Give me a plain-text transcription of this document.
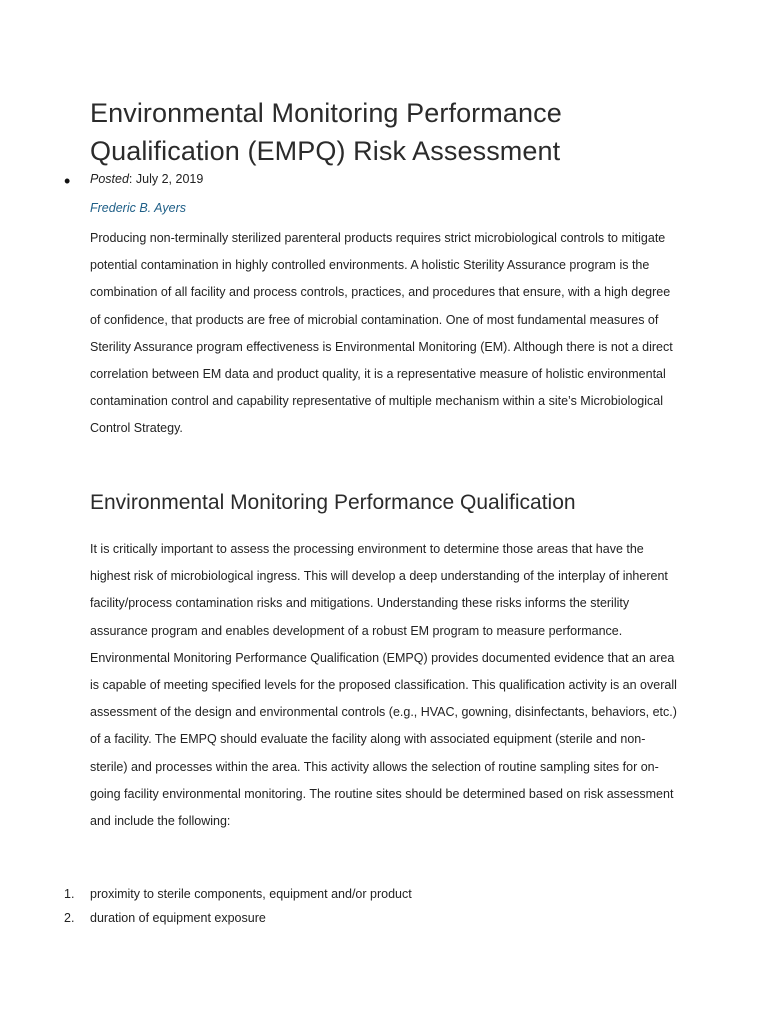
Environmental Monitoring Performance Qualification (EMPQ) Risk Assessment
• Posted: July 2, 2019
Frederic B. Ayers

Producing non-terminally sterilized parenteral products requires strict microbiological controls to mitigate potential contamination in highly controlled environments. A holistic Sterility Assurance program is the combination of all facility and process controls, practices, and procedures that ensure, with a high degree of confidence, that products are free of microbial contamination. One of most fundamental measures of Sterility Assurance program effectiveness is Environmental Monitoring (EM). Although there is not a direct correlation between EM data and product quality, it is a representative measure of holistic environmental contamination control and capability representative of multiple mechanism within a site’s Microbiological Control Strategy.

Environmental Monitoring Performance Qualification

It is critically important to assess the processing environment to determine those areas that have the highest risk of microbiological ingress. This will develop a deep understanding of the interplay of inherent facility/process contamination risks and mitigations. Understanding these risks informs the sterility assurance program and enables development of a robust EM program to measure performance. Environmental Monitoring Performance Qualification (EMPQ) provides documented evidence that an area is capable of meeting specified levels for the proposed classification. This qualification activity is an overall assessment of the design and environmental controls (e.g., HVAC, gowning, disinfectants, behaviors, etc.) of a facility. The EMPQ should evaluate the facility along with associated equipment (sterile and non-sterile) and processes within the area. This activity allows the selection of routine sampling sites for on-going facility environmental monitoring. The routine sites should be determined based on risk assessment and include the following:

1.	proximity to sterile components, equipment and/or product
2.	duration of equipment exposure
